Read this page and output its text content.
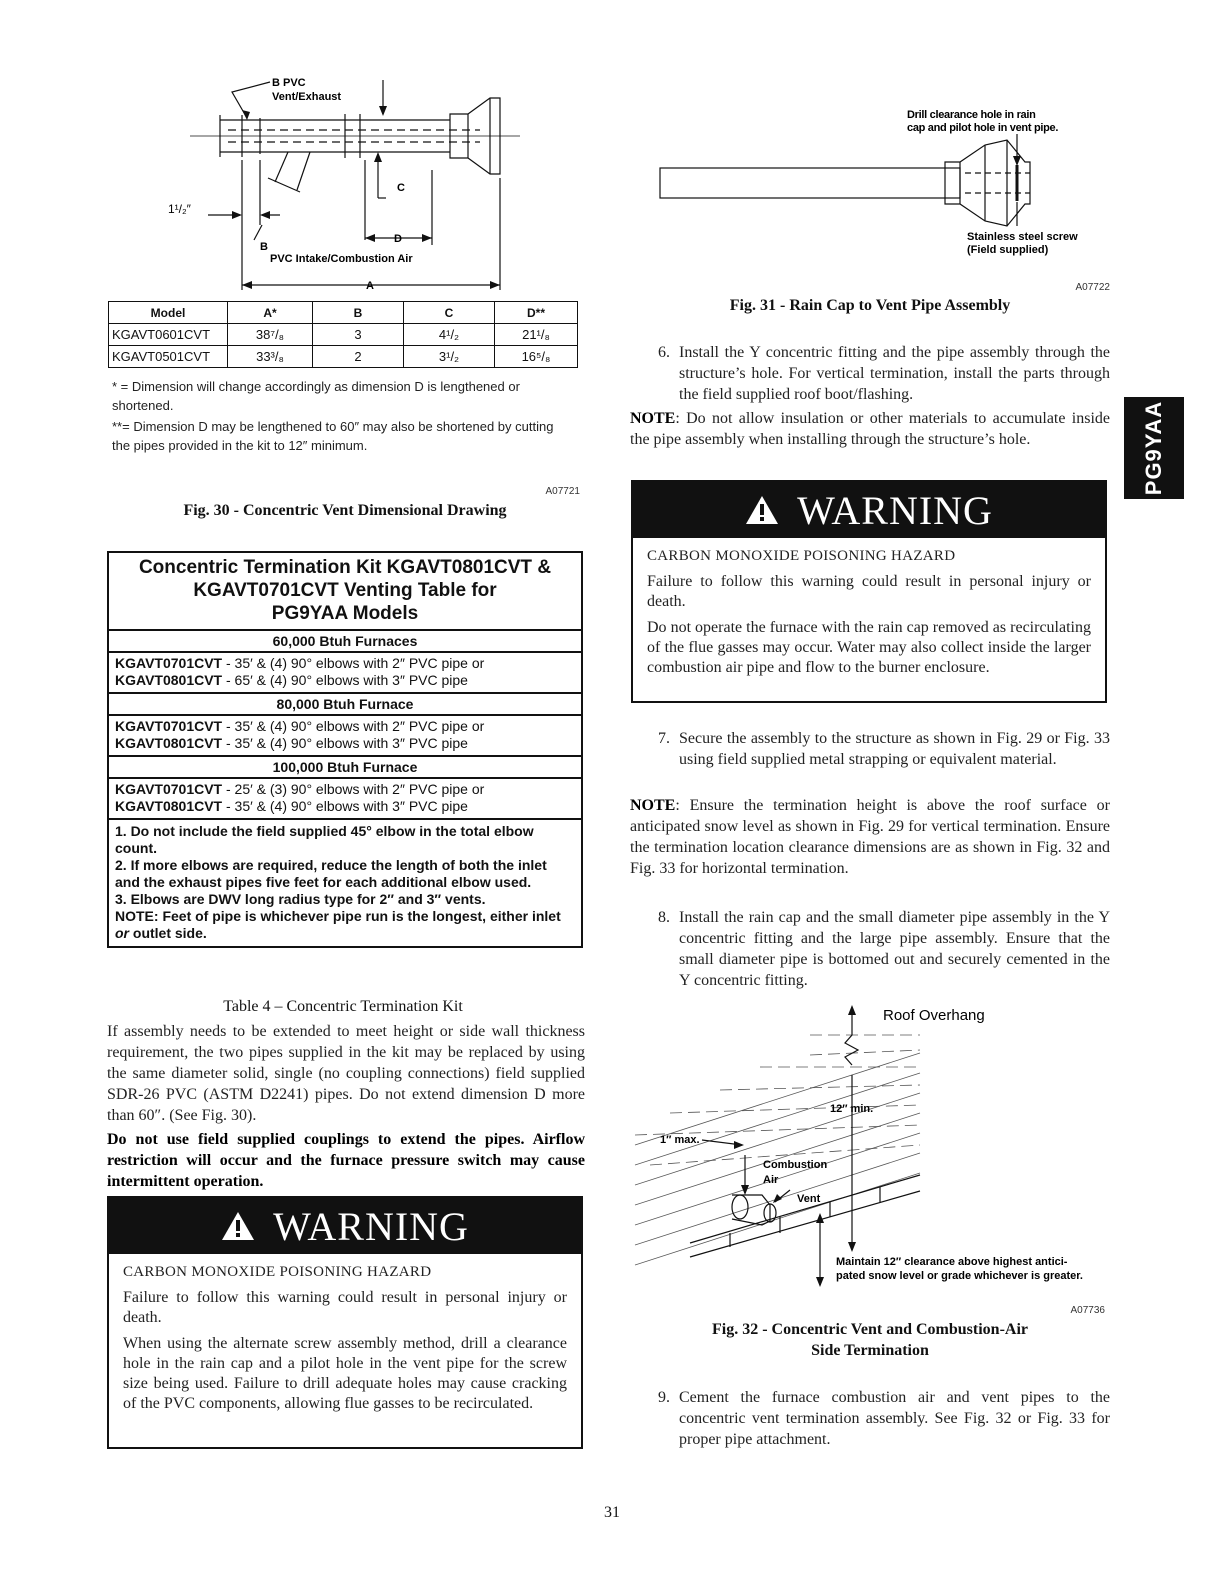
B PVC
Vent/Exhaust
C
1¹/₂″
B
D
PVC Intake/Combustion Air
A
Model	A*	B	C	D**
KGAVT0601CVT	38⁷/₈	3	4¹/₂	21¹/₈
KGAVT0501CVT	33³/₈	2	3¹/₂	16⁵/₈
* = Dimension will change accordingly as dimension D is lengthened or shortened.
**= Dimension D may be lengthened to 60″ may also be shortened by cutting the pipes provided in the kit to 12″ minimum.
A07721
Fig. 30 - Concentric Vent Dimensional Drawing
Concentric Termination Kit KGAVT0801CVT &
KGAVT0701CVT Venting Table for
PG9YAA Models
60,000 Btuh Furnaces
KGAVT0701CVT - 35′ & (4) 90° elbows with 2″ PVC pipe or
KGAVT0801CVT - 65′ & (4) 90° elbows with 3″ PVC pipe
80,000 Btuh Furnace
KGAVT0701CVT - 35′ & (4) 90° elbows with 2″ PVC pipe or
KGAVT0801CVT - 35′ & (4) 90° elbows with 3″ PVC pipe
100,000 Btuh Furnace
KGAVT0701CVT - 25′ & (3) 90° elbows with 2″ PVC pipe or
KGAVT0801CVT - 35′ & (4) 90° elbows with 3″ PVC pipe
1. Do not include the field supplied 45° elbow in the total elbow count.
2. If more elbows are required, reduce the length of both the inlet and the exhaust pipes five feet for each additional elbow used.
3. Elbows are DWV long radius type for 2″ and 3″ vents.
NOTE: Feet of pipe is whichever pipe run is the longest, either inlet or outlet side.
Table 4 – Concentric Termination Kit
If assembly needs to be extended to meet height or side wall thickness requirement, the two pipes supplied in the kit may be replaced by using the same diameter solid, single (no coupling connections) field supplied SDR-26 PVC (ASTM D2241) pipes. Do not extend dimension D more than 60″. (See Fig. 30).
Do not use field supplied couplings to extend the pipes. Airflow restriction will occur and the furnace pressure switch may cause intermittent operation.
WARNING
CARBON MONOXIDE POISONING HAZARD

Failure to follow this warning could result in personal injury or death.

When using the alternate screw assembly method, drill a clearance hole in the rain cap and a pilot hole in the vent pipe for the screw size being used. Failure to drill adequate holes may cause cracking of the PVC components, allowing flue gasses to be recirculated.

Drill clearance hole in rain
cap and pilot hole in vent pipe.
Stainless steel screw
(Field supplied)
A07722
Fig. 31 - Rain Cap to Vent Pipe Assembly
6. Install the Y concentric fitting and the pipe assembly through the structure’s hole. For vertical termination, install the parts through the field supplied roof boot/flashing.
NOTE: Do not allow insulation or other materials to accumulate inside the pipe assembly when installing through the structure’s hole.
WARNING
CARBON MONOXIDE POISONING HAZARD

Failure to follow this warning could result in personal injury or death.

Do not operate the furnace with the rain cap removed as recirculating of the flue gasses may occur. Water may also collect inside the larger combustion air pipe and flow to the burner enclosure.

7. Secure the assembly to the structure as shown in Fig. 29 or Fig. 33 using field supplied metal strapping or equivalent material.
NOTE: Ensure the termination height is above the roof surface or anticipated snow level as shown in Fig. 29 for vertical termination. Ensure the termination location clearance dimensions are as shown in Fig. 32 and Fig. 33 for horizontal termination.
8. Install the rain cap and the small diameter pipe assembly in the Y concentric fitting and the large pipe assembly. Ensure that the small diameter pipe is bottomed out and securely cemented in the Y concentric fitting.
Roof Overhang
12″ min.
1″ max.
Combustion
Air
Vent
Maintain 12″ clearance above highest antici-
pated snow level or grade whichever is greater.
A07736
Fig. 32 - Concentric Vent and Combustion-Air
Side Termination
9. Cement the furnace combustion air and vent pipes to the concentric vent termination assembly. See Fig. 32 or Fig. 33 for proper pipe attachment.
PG9YAA
31
